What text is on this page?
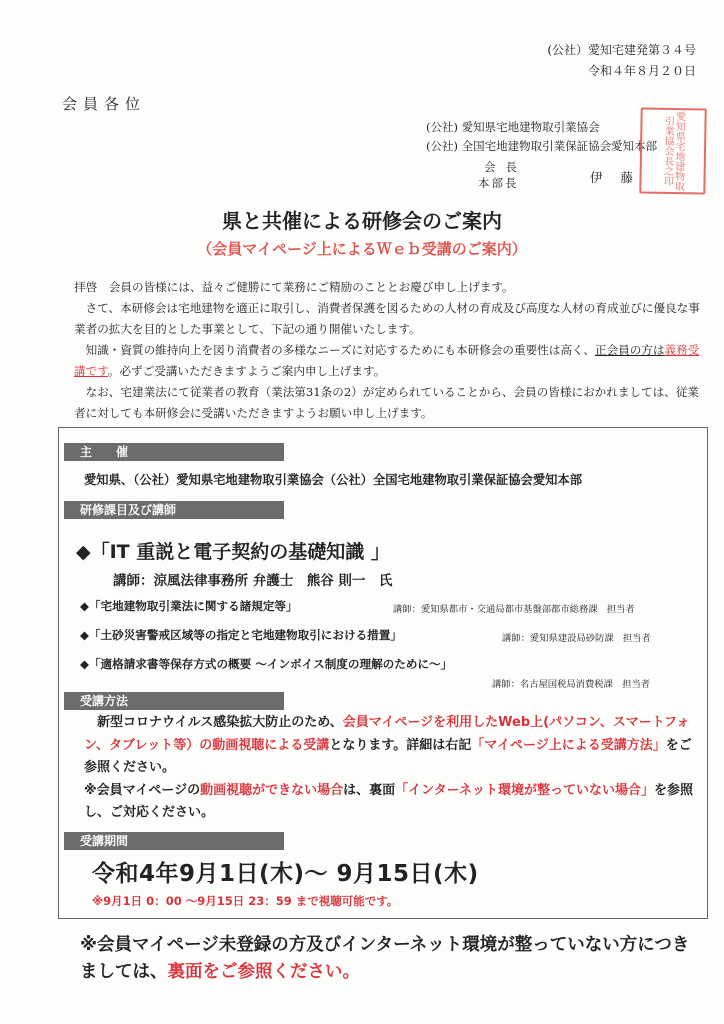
(公社）愛知宅建発第３４号
令和４年８月２０日
会員各位
(公社) 愛知県宅地建物取引業協会
(公社) 全国宅地建物取引業保証協会愛知本部
会長
本部長	伊藤	愛知県宅地建物取引業協会長之印
県と共催による研修会のご案内
（会員マイページ上によるＷｅｂ受講のご案内）

拝啓　会員の皆様には、益々ご健勝にて業務にご精励のこととお慶び申し上げます。

さて、本研修会は宅地建物を適正に取引し、消費者保護を図るための人材の育成及び高度な人材の育成並びに優良な事業者の拡大を目的とした事業として、下記の通り開催いたします。

知識・資質の維持向上を図り消費者の多様なニーズに対応するためにも本研修会の重要性は高く、正会員の方は義務受講です。必ずご受講いただきますようご案内申し上げます。

なお、宅建業法にて従業者の教育（業法第31条の2）が定められていることから、会員の皆様におかれましては、従業者に対しても本研修会に受講いただきますようお願い申し上げます。

主　　催
愛知県、（公社）愛知県宅地建物取引業協会（公社）全国宅地建物取引業保証協会愛知本部
研修課目及び講師
◆「IT 重説と電子契約の基礎知識 」
講師：涼風法律事務所 弁護士　熊谷 則一　氏
◆「宅地建物取引業法に関する諸規定等」	講師：愛知県都市・交通局都市基盤部都市総務課　担当者
◆「土砂災害警戒区域等の指定と宅地建物取引における措置」	講師：愛知県建設局砂防課　担当者
◆「適格請求書等保存方式の概要 ～インボイス制度の理解のために～」
講師：名古屋国税局消費税課　担当者
受講方法

新型コロナウイルス感染拡大防止のため、会員マイページを利用したWeb上(パソコン、スマートフォン、タブレット等）の動画視聴による受講となります。詳細は右記「マイページ上による受講方法」をご参照ください。

※会員マイページの動画視聴ができない場合は、裏面「インターネット環境が整っていない場合」を参照し、ご対応ください。

受講期間
令和4年9月1日(木)～ 9月15日(木)
※9月1日 0：00 ～9月15日 23：59 まで視聴可能です。
※会員マイページ未登録の方及びインターネット環境が整っていない方につきましては、裏面をご参照ください。
